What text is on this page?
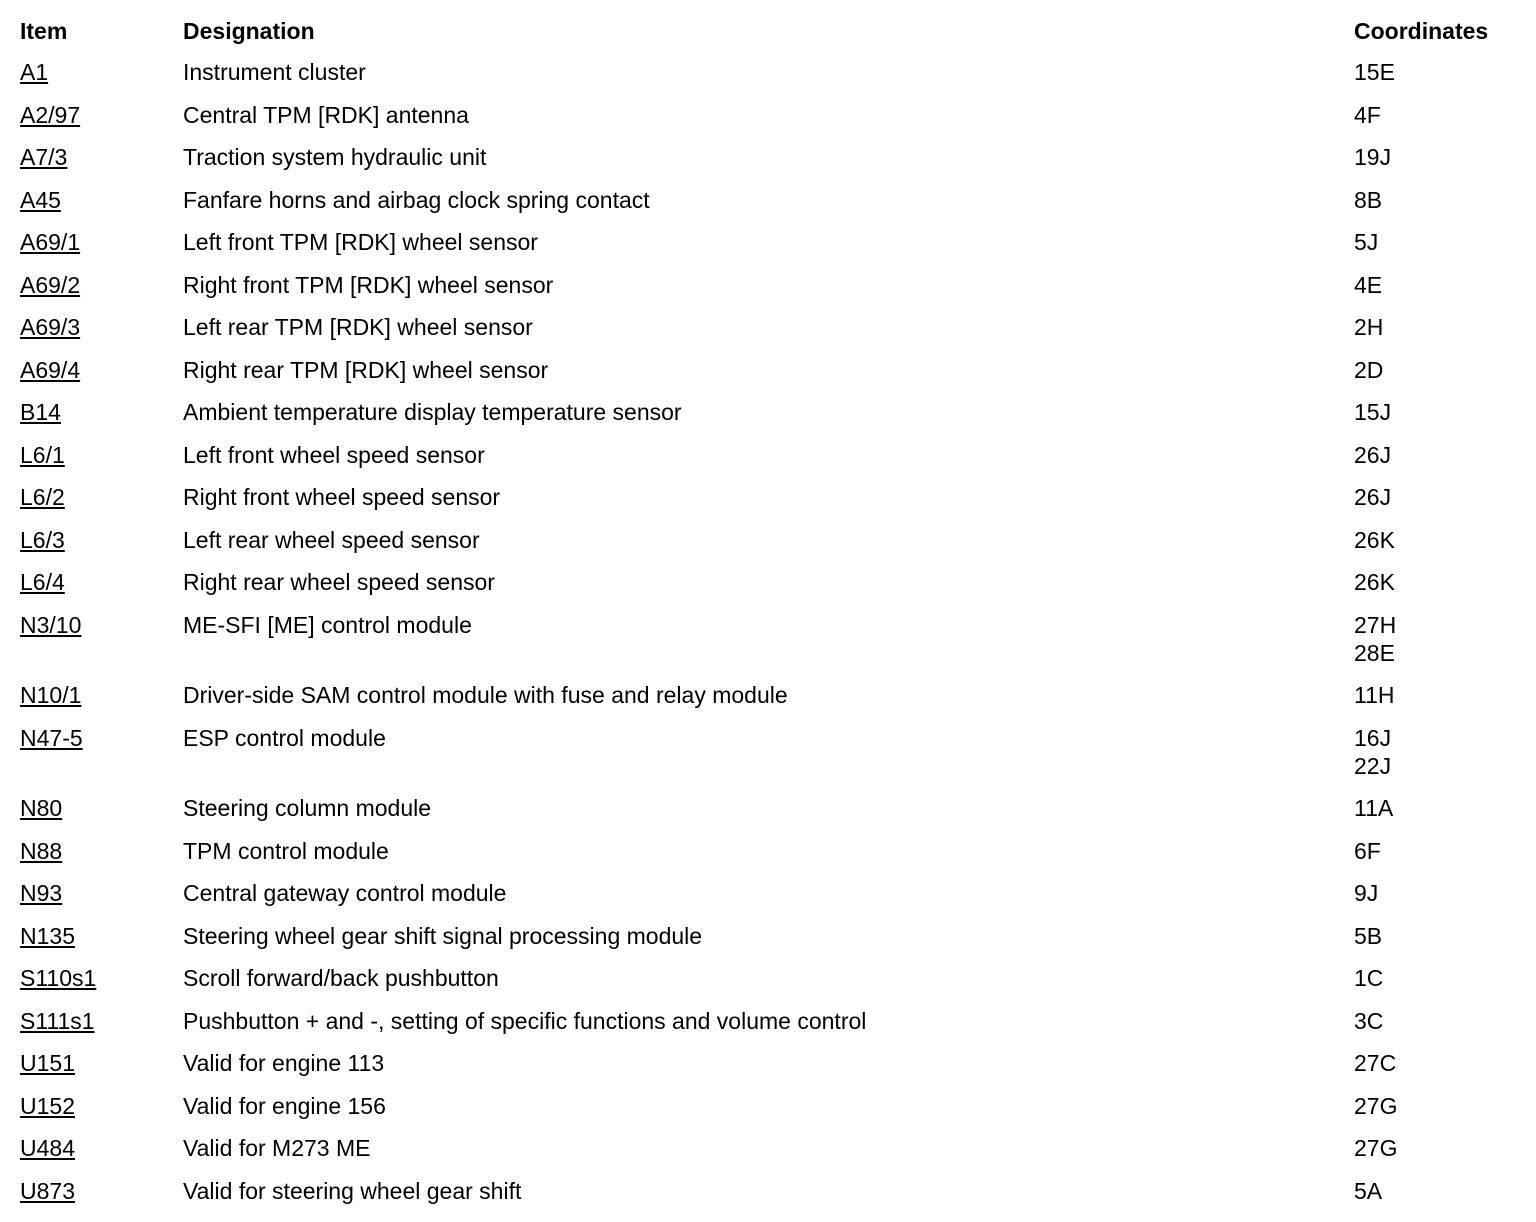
Item	Designation	Coordinates
A1	Instrument cluster	15E
A2/97	Central TPM [RDK] antenna	4F
A7/3	Traction system hydraulic unit	19J
A45	Fanfare horns and airbag clock spring contact	8B
A69/1	Left front TPM [RDK] wheel sensor	5J
A69/2	Right front TPM [RDK] wheel sensor	4E
A69/3	Left rear TPM [RDK] wheel sensor	2H
A69/4	Right rear TPM [RDK] wheel sensor	2D
B14	Ambient temperature display temperature sensor	15J
L6/1	Left front wheel speed sensor	26J
L6/2	Right front wheel speed sensor	26J
L6/3	Left rear wheel speed sensor	26K
L6/4	Right rear wheel speed sensor	26K
N3/10	ME-SFI [ME] control module	27H
28E
N10/1	Driver-side SAM control module with fuse and relay module	11H
N47-5	ESP control module	16J
22J
N80	Steering column module	11A
N88	TPM control module	6F
N93	Central gateway control module	9J
N135	Steering wheel gear shift signal processing module	5B
S110s1	Scroll forward/back pushbutton	1C
S111s1	Pushbutton + and -, setting of specific functions and volume control	3C
U151	Valid for engine 113	27C
U152	Valid for engine 156	27G
U484	Valid for M273 ME	27G
U873	Valid for steering wheel gear shift	5A
